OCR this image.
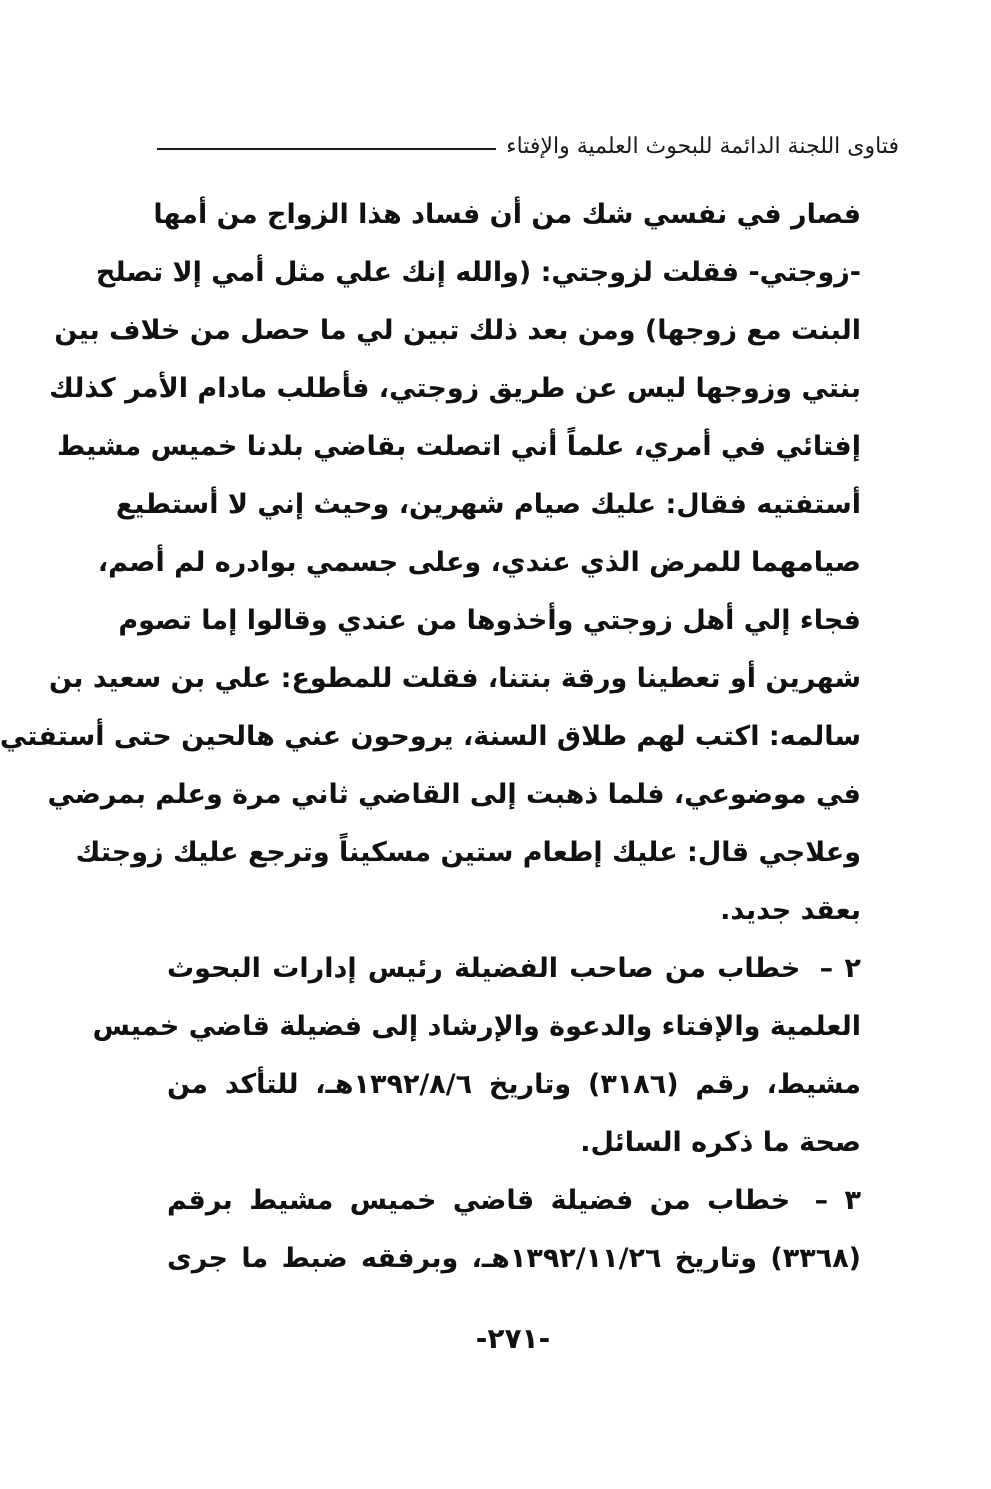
فتاوى اللجنة الدائمة للبحوث العلمية والإفتاء
فصار في نفسي شك من أن فساد هذا الزواج من أمها
-زوجتي- فقلت لزوجتي: (والله إنك علي مثل أمي إلا تصلح
البنت مع زوجها) ومن بعد ذلك تبين لي ما حصل من خلاف بين
بنتي وزوجها ليس عن طريق زوجتي، فأطلب مادام الأمر كذلك
إفتائي في أمري، علماً أني اتصلت بقاضي بلدنا خميس مشيط
أستفتيه فقال: عليك صيام شهرين، وحيث إني لا أستطيع
صيامهما للمرض الذي عندي، وعلى جسمي بوادره لم أصم،
فجاء إلي أهل زوجتي وأخذوها من عندي وقالوا إما تصوم
شهرين أو تعطينا ورقة بنتنا، فقلت للمطوع: علي بن سعيد بن
سالمه: اكتب لهم طلاق السنة، يروحون عني هالحين حتى أستفتي
في موضوعي، فلما ذهبت إلى القاضي ثاني مرة وعلم بمرضي
وعلاجي قال: عليك إطعام ستين مسكيناً وترجع عليك زوجتك
بعقد جديد.
٢ – خطاب من صاحب الفضيلة رئيس إدارات البحوث
العلمية والإفتاء والدعوة والإرشاد إلى فضيلة قاضي خميس
مشيط، رقم (٣١٨٦) وتاريخ ١٣٩٢/٨/٦هـ، للتأكد من
صحة ما ذكره السائل.
٣ – خطاب من فضيلة قاضي خميس مشيط برقم
(٣٣٦٨) وتاريخ ١٣٩٢/١١/٢٦هـ، وبرفقه ضبط ما جرى
-٢٧١-
